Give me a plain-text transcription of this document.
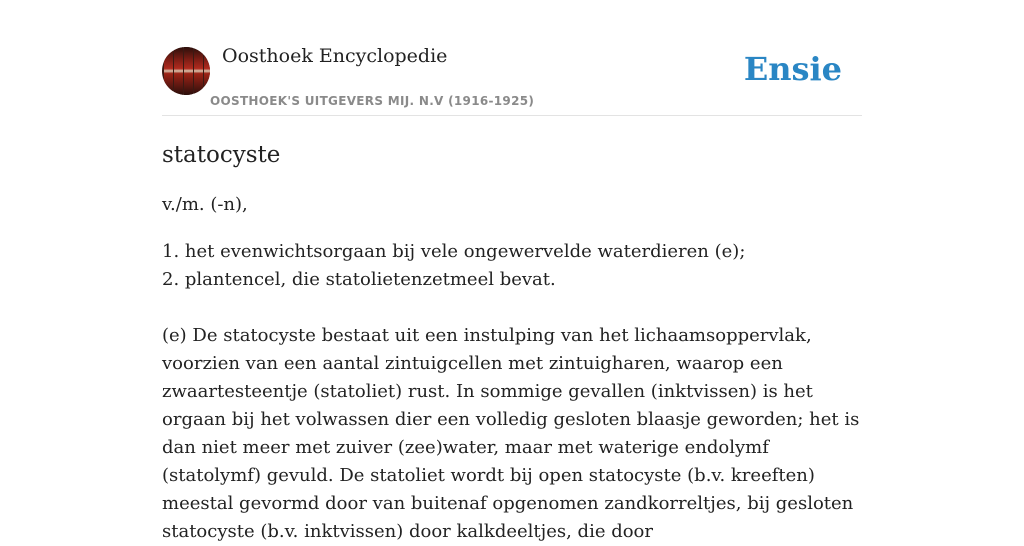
Oosthoek Encyclopedie
OOSTHOEK'S UITGEVERS MIJ. N.V (1916-1925)
Ensie
statocyste
v./m. (-n),
1. het evenwichtsorgaan bij vele ongewervelde waterdieren (e);
2. plantencel, die statolietenzetmeel bevat.
(e) De statocyste bestaat uit een instulping van het lichaamsoppervlak, voorzien van een aantal zintuigcellen met zintuigharen, waarop een zwaartesteentje (statoliet) rust. In sommige gevallen (inktvissen) is het orgaan bij het volwassen dier een volledig gesloten blaasje geworden; het is dan niet meer met zuiver (zee)water, maar met waterige endolymf (statolymf) gevuld. De statoliet wordt bij open statocyste (b.v. kreeften) meestal gevormd door van buitenaf opgenomen zandkorreltjes, bij gesloten statocyste (b.v. inktvissen) door kalkdeeltjes, die door
